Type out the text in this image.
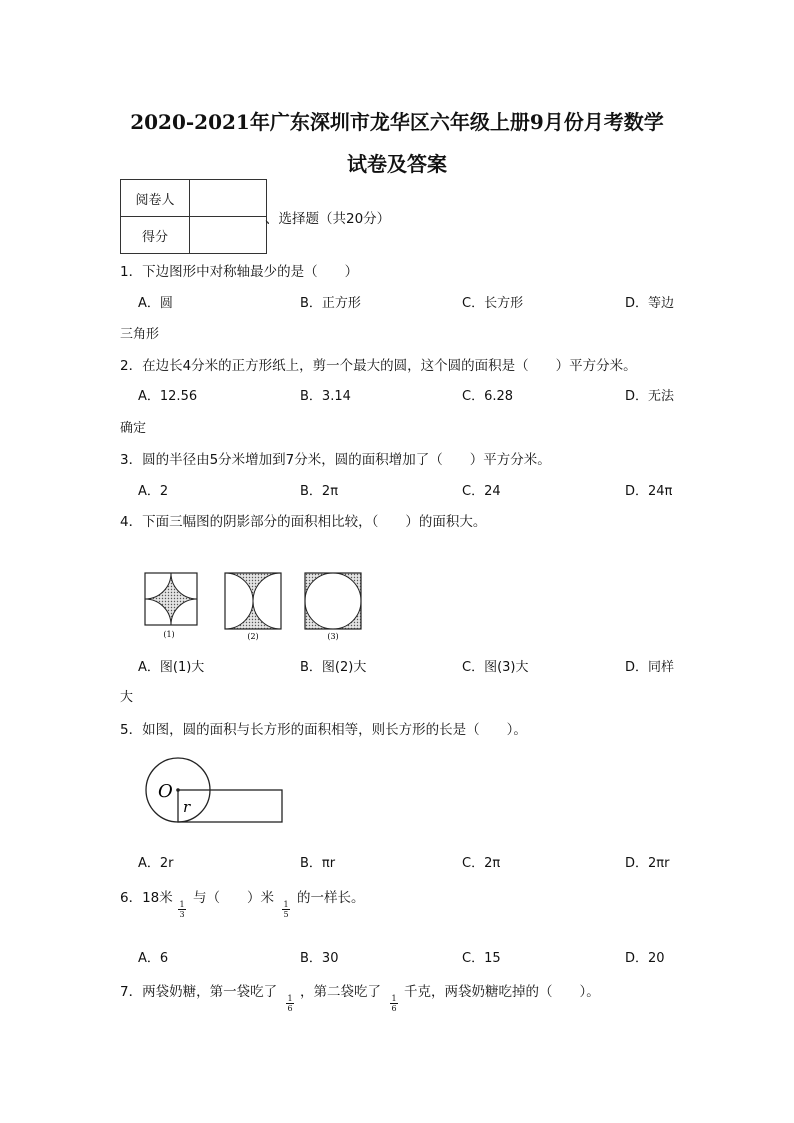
2020-2021年广东深圳市龙华区六年级上册9月份月考数学
试卷及答案
阅卷人	
得分	
、选择题（共20分）
1．下边图形中对称轴最少的是（　　）
A．圆	B．正方形	C．长方形	D．等边
三角形
2．在边长4分米的正方形纸上，剪一个最大的圆，这个圆的面积是（　　）平方分米。
A．12.56	B．3.14	C．6.28	D．无法
确定
3．圆的半径由5分米增加到7分米，圆的面积增加了（　　）平方分米。
A．2	B．2π	C．24	D．24π
4．下面三幅图的阴影部分的面积相比较，（　　）的面积大。
(1)	(2)	(3)
A．图(1)大	B．图(2)大	C．图(3)大	D．同样
大
5．如图，圆的面积与长方形的面积相等，则长方形的长是（　　）。
O
r
A．2r	B．πr	C．2π	D．2πr
6．18米 1
3
与（　　）米	1
5
的一样长。
A．6	B．30	C．15	D．20
7．两袋奶糖，第一袋吃了	1
6
，第二袋吃了	1
6
千克，两袋奶糖吃掉的（　　）。
